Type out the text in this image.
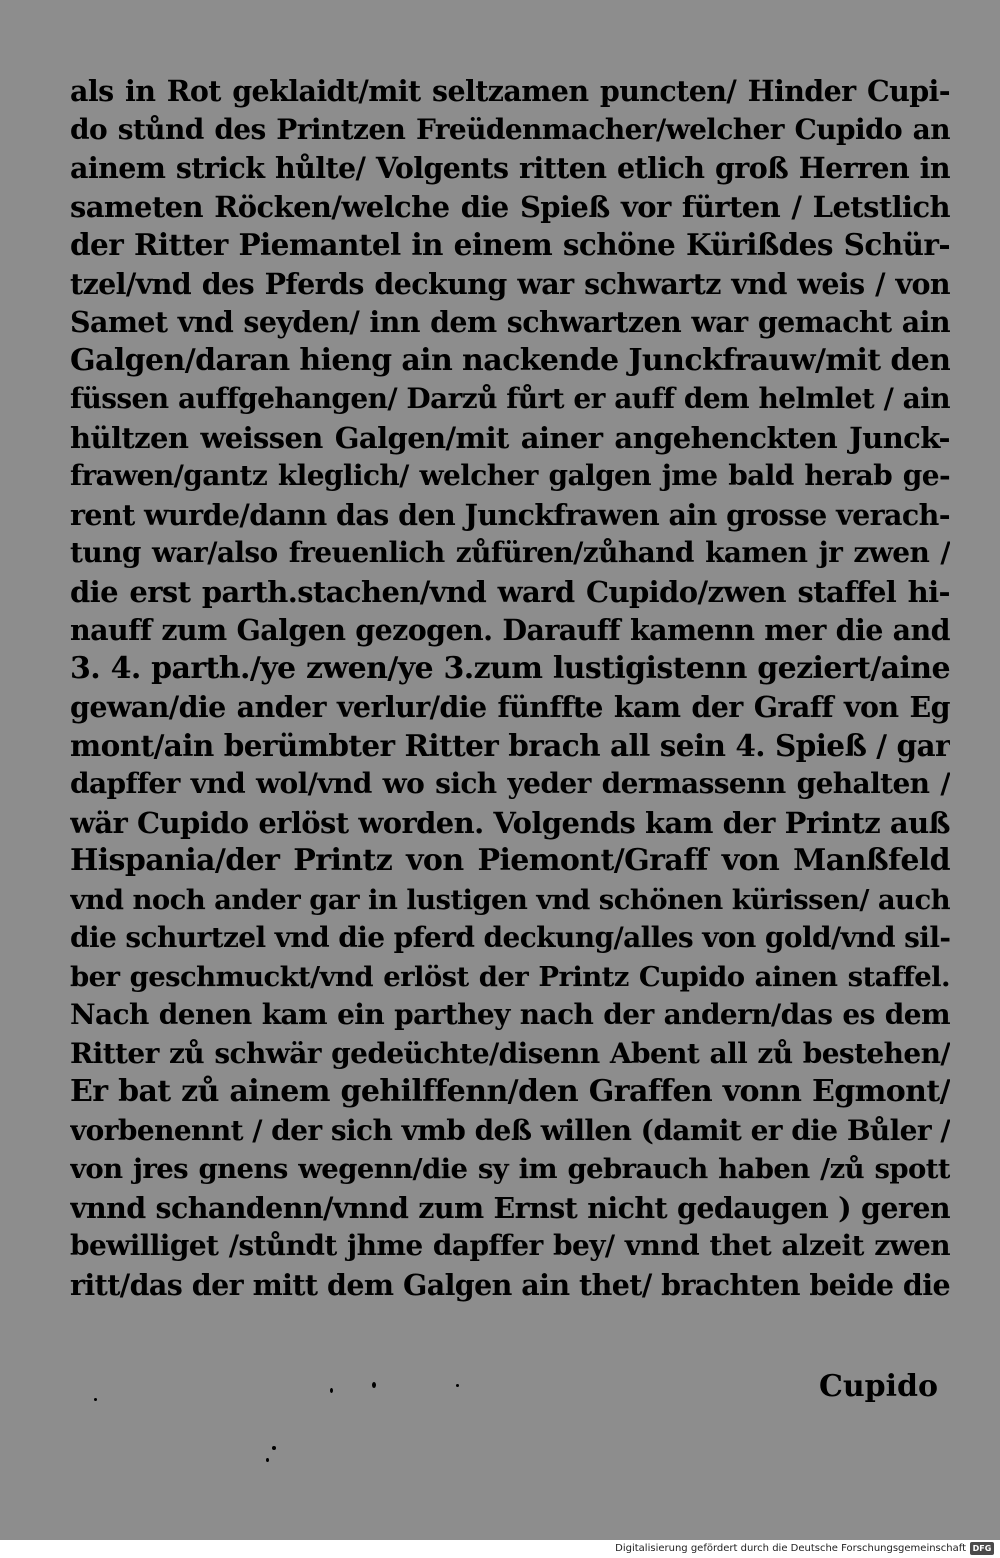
als in Rot geklaidt/mit seltzamen puncten/ Hinder Cupi-
do stůnd des Printzen Freüdenmacher/welcher Cupido an
ainem strick hůlte/ Volgents ritten etlich groß Herren in
sameten Röcken/welche die Spieß vor fürten / Letstlich
der Ritter Piemantel in einem schöne Kürißdes Schür-
tzel/vnd des Pferds deckung war schwartz vnd weis / von
Samet vnd seyden/ inn dem schwartzen war gemacht ain
Galgen/daran hieng ain nackende Junckfrauw/mit den
füssen auffgehangen/ Darzů fůrt er auff dem helmlet / ain
hültzen weissen Galgen/mit ainer angehenckten Junck-
frawen/gantz kleglich/ welcher galgen jme bald herab ge-
rent wurde/dann das den Junckfrawen ain grosse verach-
tung war/also freuenlich zůfüren/zůhand kamen jr zwen /
die erst parth.stachen/vnd ward Cupido/zwen staffel hi-
nauff zum Galgen gezogen. Darauff kamenn mer die and
3. 4. parth./ye zwen/ye 3.zum lustigistenn geziert/aine
gewan/die ander verlur/die fünffte kam der Graff von Eg
mont/ain berümbter Ritter brach all sein 4. Spieß / gar
dapffer vnd wol/vnd wo sich yeder dermassenn gehalten /
wär Cupido erlöst worden. Volgends kam der Printz auß
Hispania/der Printz von Piemont/Graff von Manßfeld
vnd noch ander gar in lustigen vnd schönen kürissen/ auch
die schurtzel vnd die pferd deckung/alles von gold/vnd sil-
ber geschmuckt/vnd erlöst der Printz Cupido ainen staffel.
Nach denen kam ein parthey nach der andern/das es dem
Ritter zů schwär gedeüchte/disenn Abent all zů bestehen/
Er bat zů ainem gehilffenn/den Graffen vonn Egmont/
vorbenennt / der sich vmb deß willen (damit er die Bůler /
von jres gnens wegenn/die sy im gebrauch haben /zů spott
vnnd schandenn/vnnd zum Ernst nicht gedaugen ) geren
bewilliget /stůndt jhme dapffer bey/ vnnd thet alzeit zwen
ritt/das der mitt dem Galgen ain thet/ brachten beide die
Cupido
Digitalisierung gefördert durch die Deutsche Forschungsgemeinschaft DFG
